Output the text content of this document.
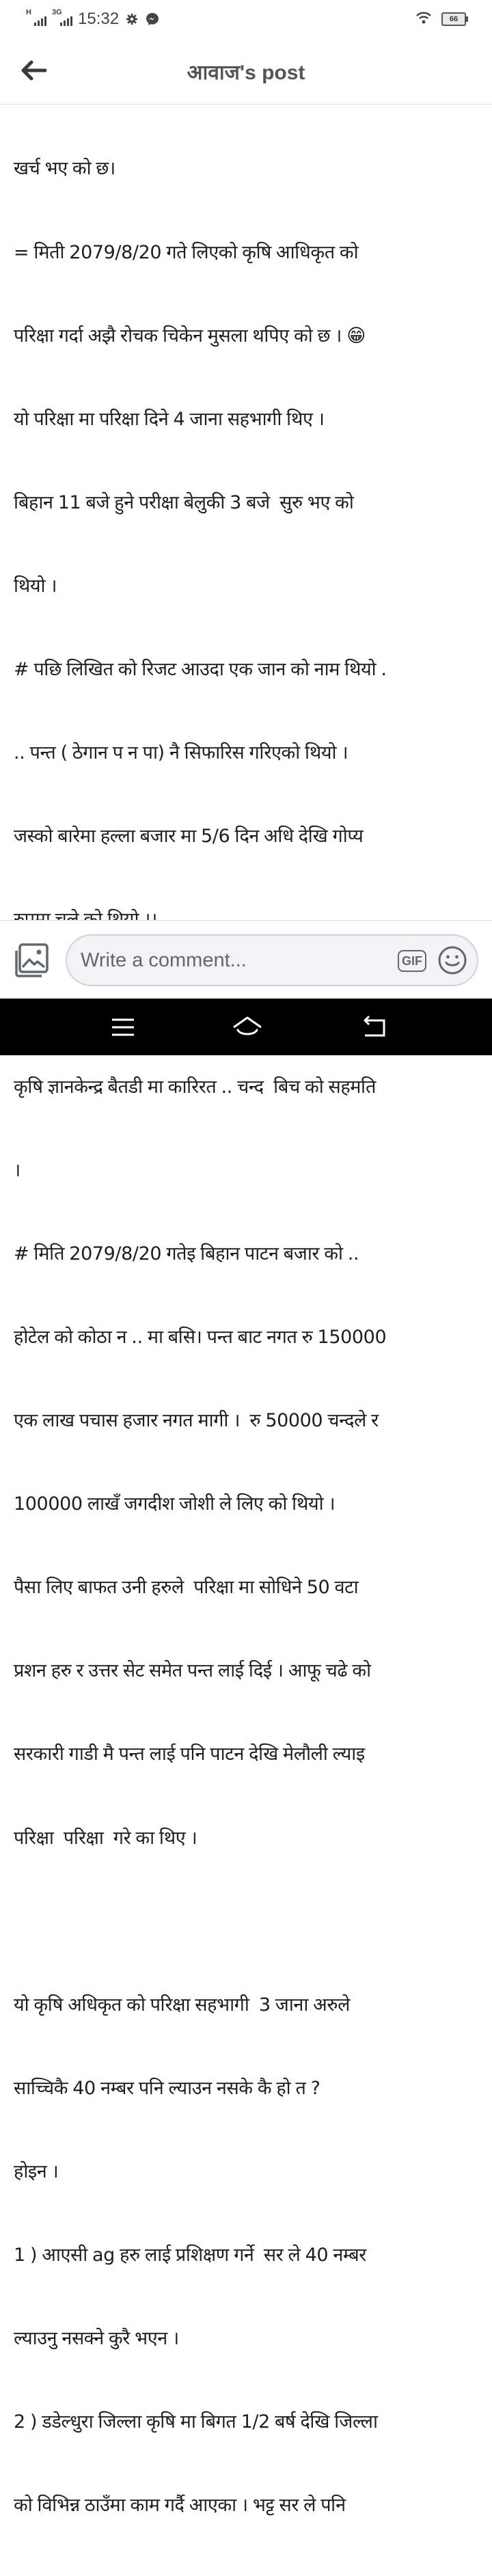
H	3G 15:32	66
आवाज's post

खर्च भए को छ।

= मिती 2079/8/20 गते लिएको कृषि आधिकृत को

परिक्षा गर्दा अझै रोचक चिकेन मुसला थपिए को छ । 😁

यो परिक्षा मा परिक्षा दिने 4 जाना सहभागी थिए ।

बिहान 11 बजे हुने परीक्षा बेलुकी 3 बजे  सुरु भए को

थियो ।

# पछि लिखित को रिजट आउदा एक जान को नाम थियो .

.. पन्त ( ठेगान प न पा) नै सिफारिस गरिएको थियो ।

जस्को बारेमा हल्ला बजार मा 5/6 दिन अधि देखि गोप्य

कृषि ज्ञानकेन्द्र बैतडी मा कारिरत .. चन्द  बिच को सहमति

।

# मिति 2079/8/20 गतेइ बिहान पाटन बजार को ..

होटेल को कोठा न .. मा बसि। पन्त बाट नगत रु 150000

एक लाख पचास हजार नगत मागी ।  रु 50000 चन्दले र

100000 लाखँ जगदीश जोशी ले लिए को थियो ।

पैसा लिए बाफत उनी हरुले  परिक्षा मा सोधिने 50 वटा

प्रशन हरु र उत्तर सेट समेत पन्त लाई दिई । आफू चढे को

सरकारी गाडी मै पन्त लाई पनि पाटन देखि मेलौली ल्याइ

परिक्षा  परिक्षा  गरे का थिए ।

यो कृषि अधिकृत को परिक्षा सहभागी  3 जाना अरुले

साच्चिकै 40 नम्बर पनि ल्याउन नसके कै हो त ?

होइन ।

1 ) आएसी ag हरु लाई प्रशिक्षण गर्ने  सर ले 40 नम्बर

ल्याउनु नसक्ने कुरै भएन ।

2 ) डडेल्धुरा जिल्ला कृषि मा बिगत 1/2 बर्ष देखि जिल्ला

को विभिन्न ठाउँमा काम गर्दै आएका । भट्ट सर ले पनि

Write a comment...
GIF
